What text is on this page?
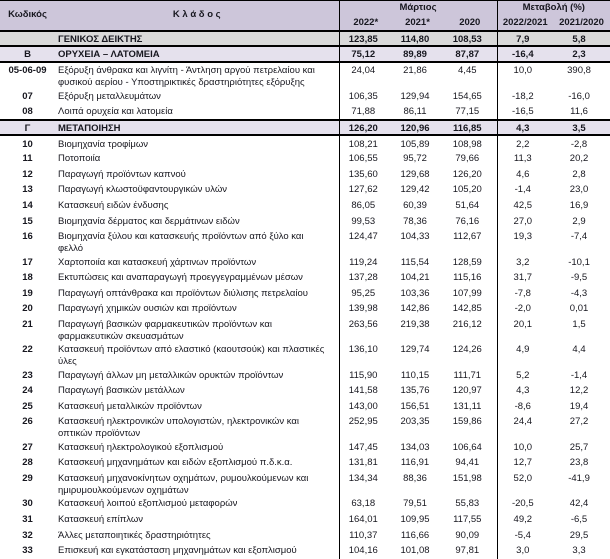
Κωδικός	Κ λ ά δ ο ς	Μάρτιος			Μεταβολή (%)	
		2022*	2021*	2020	2022/2021	2021/2020
	ΓΕΝΙΚΟΣ ΔΕΙΚΤΗΣ	123,85	114,80	108,53	7,9	5,8
Β	ΟΡΥΧΕΙΑ – ΛΑΤΟΜΕΙΑ	75,12	89,89	87,87	-16,4	2,3
05-06-09	Εξόρυξη άνθρακα και λιγνίτη - Άντληση αργού πετρελαίου και φυσικού αερίου - Υποστηρικτικές δραστηριότητες εξόρυξης	24,04	21,86	4,45	10,0	390,8
07	Εξόρυξη μεταλλευμάτων	106,35	129,94	154,65	-18,2	-16,0
08	Λοιπά ορυχεία και λατομεία	71,88	86,11	77,15	-16,5	11,6
Γ	ΜΕΤΑΠΟΙΗΣΗ	126,20	120,96	116,85	4,3	3,5
10	Βιομηχανία τροφίμων	108,21	105,89	108,98	2,2	-2,8
11	Ποτοποιία	106,55	95,72	79,66	11,3	20,2
12	Παραγωγή προϊόντων καπνού	135,60	129,68	126,20	4,6	2,8
13	Παραγωγή κλωστοϋφαντουργικών υλών	127,62	129,42	105,20	-1,4	23,0
14	Κατασκευή ειδών ένδυσης	86,05	60,39	51,64	42,5	16,9
15	Βιομηχανία δέρματος και δερμάτινων ειδών	99,53	78,36	76,16	27,0	2,9
16	Βιομηχανία ξύλου και κατασκευής προϊόντων από ξύλο και φελλό	124,47	104,33	112,67	19,3	-7,4
17	Χαρτοποιία και κατασκευή χάρτινων προϊόντων	119,24	115,54	128,59	3,2	-10,1
18	Εκτυπώσεις και αναπαραγωγή προεγγεγραμμένων μέσων	137,28	104,21	115,16	31,7	-9,5
19	Παραγωγή οπτάνθρακα και προϊόντων διύλισης πετρελαίου	95,25	103,36	107,99	-7,8	-4,3
20	Παραγωγή χημικών ουσιών και προϊόντων	139,98	142,86	142,85	-2,0	0,01
21	Παραγωγή βασικών φαρμακευτικών προϊόντων και φαρμακευτικών σκευασμάτων	263,56	219,38	216,12	20,1	1,5
22	Κατασκευή προϊόντων από ελαστικό (καουτσούκ) και πλαστικές ύλες	136,10	129,74	124,26	4,9	4,4
23	Παραγωγή άλλων μη μεταλλικών ορυκτών προϊόντων	115,90	110,15	111,71	5,2	-1,4
24	Παραγωγή βασικών μετάλλων	141,58	135,76	120,97	4,3	12,2
25	Κατασκευή μεταλλικών προϊόντων	143,00	156,51	131,11	-8,6	19,4
26	Κατασκευή ηλεκτρονικών υπολογιστών, ηλεκτρονικών και οπτικών προϊόντων	252,95	203,35	159,86	24,4	27,2
27	Κατασκευή ηλεκτρολογικού εξοπλισμού	147,45	134,03	106,64	10,0	25,7
28	Κατασκευή μηχανημάτων και ειδών εξοπλισμού π.δ.κ.α.	131,81	116,91	94,41	12,7	23,8
29	Κατασκευή μηχανοκίνητων οχημάτων, ρυμουλκούμενων και ημιρυμουλκούμενων οχημάτων	134,34	88,36	151,98	52,0	-41,9
30	Κατασκευή λοιπού εξοπλισμού μεταφορών	63,18	79,51	55,83	-20,5	42,4
31	Κατασκευή επίπλων	164,01	109,95	117,55	49,2	-6,5
32	Άλλες μεταποιητικές δραστηριότητες	110,37	116,66	90,09	-5,4	29,5
33	Επισκευή και εγκατάσταση μηχανημάτων και εξοπλισμού	104,16	101,08	97,81	3,0	3,3
